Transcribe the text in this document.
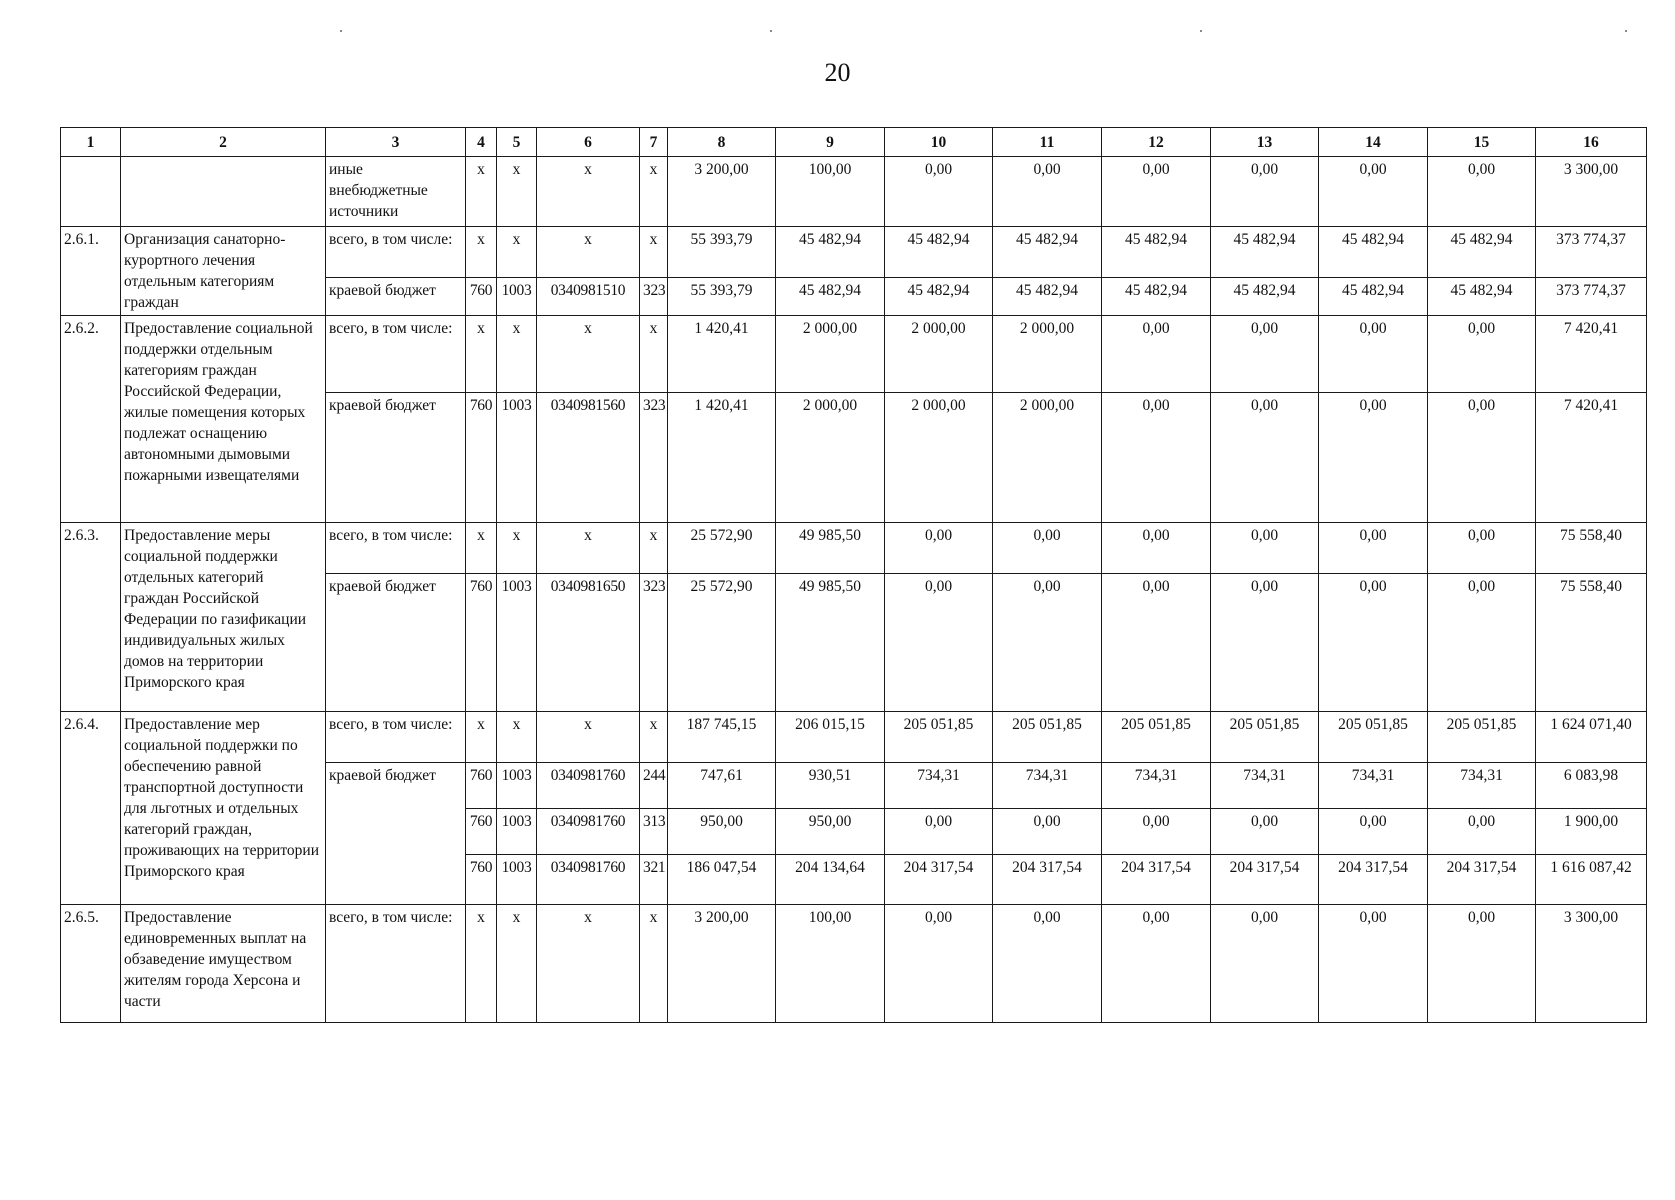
20
1	2	3	4	5	6	7	8	9	10	11	12	13	14	15	16
		иные внебюджетные источники	х	х	х	х	3 200,00	100,00	0,00	0,00	0,00	0,00	0,00	0,00	3 300,00
2.6.1.	Организация санаторно-курортного лечения отдельным категориям граждан	всего, в том числе:	х	х	х	х	55 393,79	45 482,94	45 482,94	45 482,94	45 482,94	45 482,94	45 482,94	45 482,94	373 774,37
		краевой бюджет	760	1003	0340981510	323	55 393,79	45 482,94	45 482,94	45 482,94	45 482,94	45 482,94	45 482,94	45 482,94	373 774,37
2.6.2.	Предоставление социальной поддержки отдельным категориям граждан Российской Федерации, жилые помещения которых подлежат оснащению автономными дымовыми пожарными извещателями	всего, в том числе:	х	х	х	х	1 420,41	2 000,00	2 000,00	2 000,00	0,00	0,00	0,00	0,00	7 420,41
		краевой бюджет	760	1003	0340981560	323	1 420,41	2 000,00	2 000,00	2 000,00	0,00	0,00	0,00	0,00	7 420,41
2.6.3.	Предоставление меры социальной поддержки отдельных категорий граждан Российской Федерации по газификации индивидуальных жилых домов на территории Приморского края	всего, в том числе:	х	х	х	х	25 572,90	49 985,50	0,00	0,00	0,00	0,00	0,00	0,00	75 558,40
		краевой бюджет	760	1003	0340981650	323	25 572,90	49 985,50	0,00	0,00	0,00	0,00	0,00	0,00	75 558,40
2.6.4.	Предоставление мер социальной поддержки по обеспечению равной транспортной доступности для льготных и отдельных категорий граждан, проживающих на территории Приморского края	всего, в том числе:	х	х	х	х	187 745,15	206 015,15	205 051,85	205 051,85	205 051,85	205 051,85	205 051,85	205 051,85	1 624 071,40
		краевой бюджет	760	1003	0340981760	244	747,61	930,51	734,31	734,31	734,31	734,31	734,31	734,31	6 083,98
			760	1003	0340981760	313	950,00	950,00	0,00	0,00	0,00	0,00	0,00	0,00	1 900,00
			760	1003	0340981760	321	186 047,54	204 134,64	204 317,54	204 317,54	204 317,54	204 317,54	204 317,54	204 317,54	1 616 087,42
2.6.5.	Предоставление единовременных выплат на обзаведение имуществом жителям города Херсона и части	всего, в том числе:	х	х	х	х	3 200,00	100,00	0,00	0,00	0,00	0,00	0,00	0,00	3 300,00
